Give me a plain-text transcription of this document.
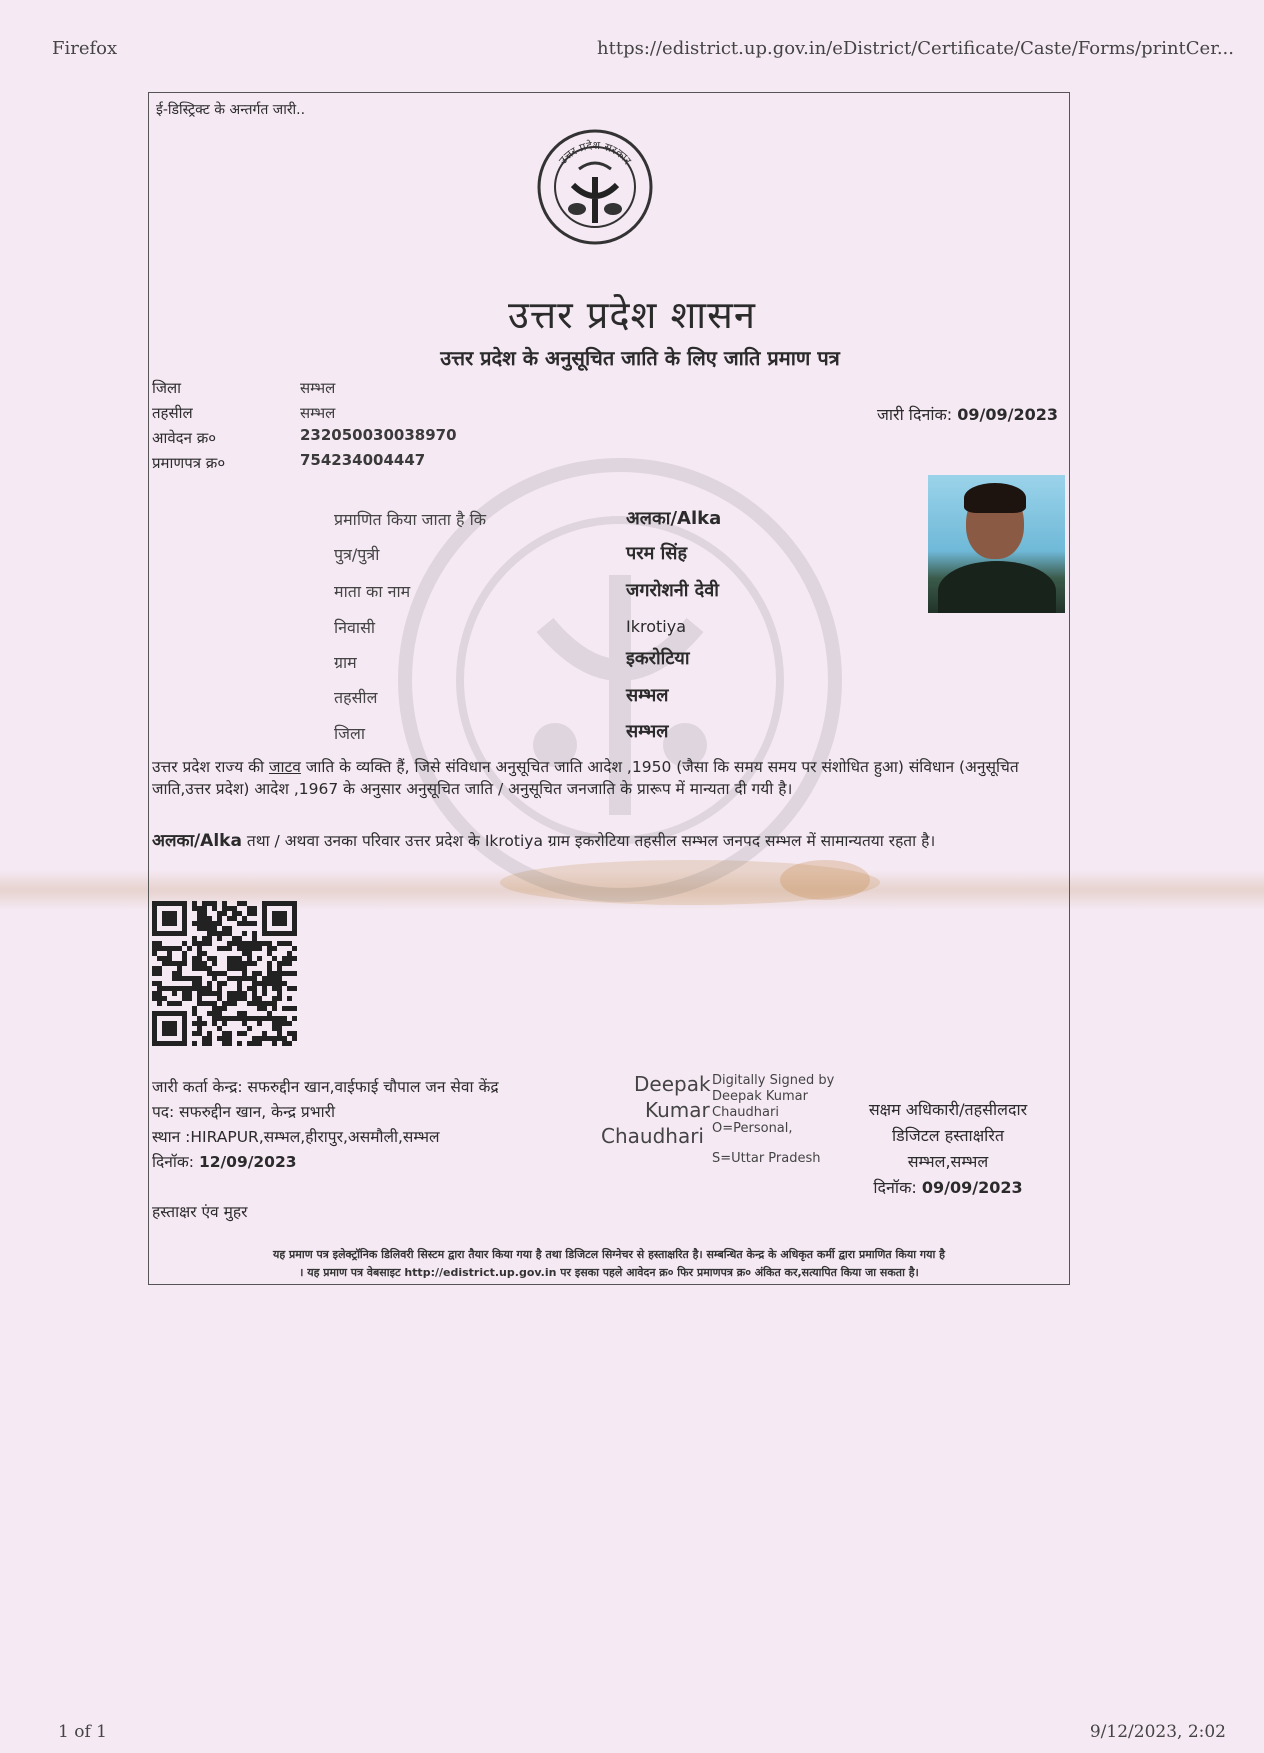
Firefox	https://edistrict.up.gov.in/eDistrict/Certificate/Caste/Forms/printCer...
1 of 1	9/12/2023, 2:02
ई-डिस्ट्रिक्ट के अन्तर्गत जारी..
उत्तर प्रदेश सरकार
उत्तर प्रदेश शासन
उत्तर प्रदेश के अनुसूचित जाति के लिए जाति प्रमाण पत्र
जिला	सम्भल
तहसील	सम्भल
आवेदन क्र०	232050030038970
प्रमाणपत्र क्र०	754234004447
जारी दिनांक: 09/09/2023
प्रमाणित किया जाता है कि	अलका/Alka
पुत्र/पुत्री	परम सिंह
माता का नाम	जगरोशनी देवी
निवासी	Ikrotiya
ग्राम	इकरोटिया
तहसील	सम्भल
जिला	सम्भल
उत्तर प्रदेश राज्य की जाटव जाति के व्यक्ति हैं, जिसे संविधान अनुसूचित जाति आदेश ,1950 (जैसा कि समय समय पर संशोधित हुआ) संविधान (अनुसूचित जाति,उत्तर प्रदेश) आदेश ,1967 के अनुसार अनुसूचित जाति / अनुसूचित जनजाति के प्रारूप में मान्यता दी गयी है।
अलका/Alka तथा / अथवा उनका परिवार उत्तर प्रदेश के Ikrotiya ग्राम इकरोटिया तहसील सम्भल जनपद सम्भल में सामान्यतया रहता है।
जारी कर्ता केन्द्र: सफरुद्दीन खान,वाईफाई चौपाल जन सेवा केंद्र
पद: सफरुद्दीन खान, केन्द्र प्रभारी
स्थान :HIRAPUR,सम्भल,हीरापुर,असमौली,सम्भल
दिनॉक: 12/09/2023
हस्ताक्षर एंव मुहर
Deepak
Kumar
Chaudhari
Digitally Signed by
Deepak Kumar
Chaudhari
O=Personal,
S=Uttar Pradesh
सक्षम अधिकारी/तहसीलदार
डिजिटल हस्ताक्षरित
सम्भल,सम्भल
दिनॉक: 09/09/2023
यह प्रमाण पत्र इलेक्ट्रॉनिक डिलिवरी सिस्टम द्वारा तैयार किया गया है तथा डिजिटल सिग्नेचर से हस्ताक्षरित है। सम्बन्धित केन्द्र के अधिकृत कर्मी द्वारा प्रमाणित किया गया है
। यह प्रमाण पत्र वेबसाइट http://edistrict.up.gov.in पर इसका पहले आवेदन क्र० फिर प्रमाणपत्र क्र० अंकित कर,सत्यापित किया जा सकता है।
